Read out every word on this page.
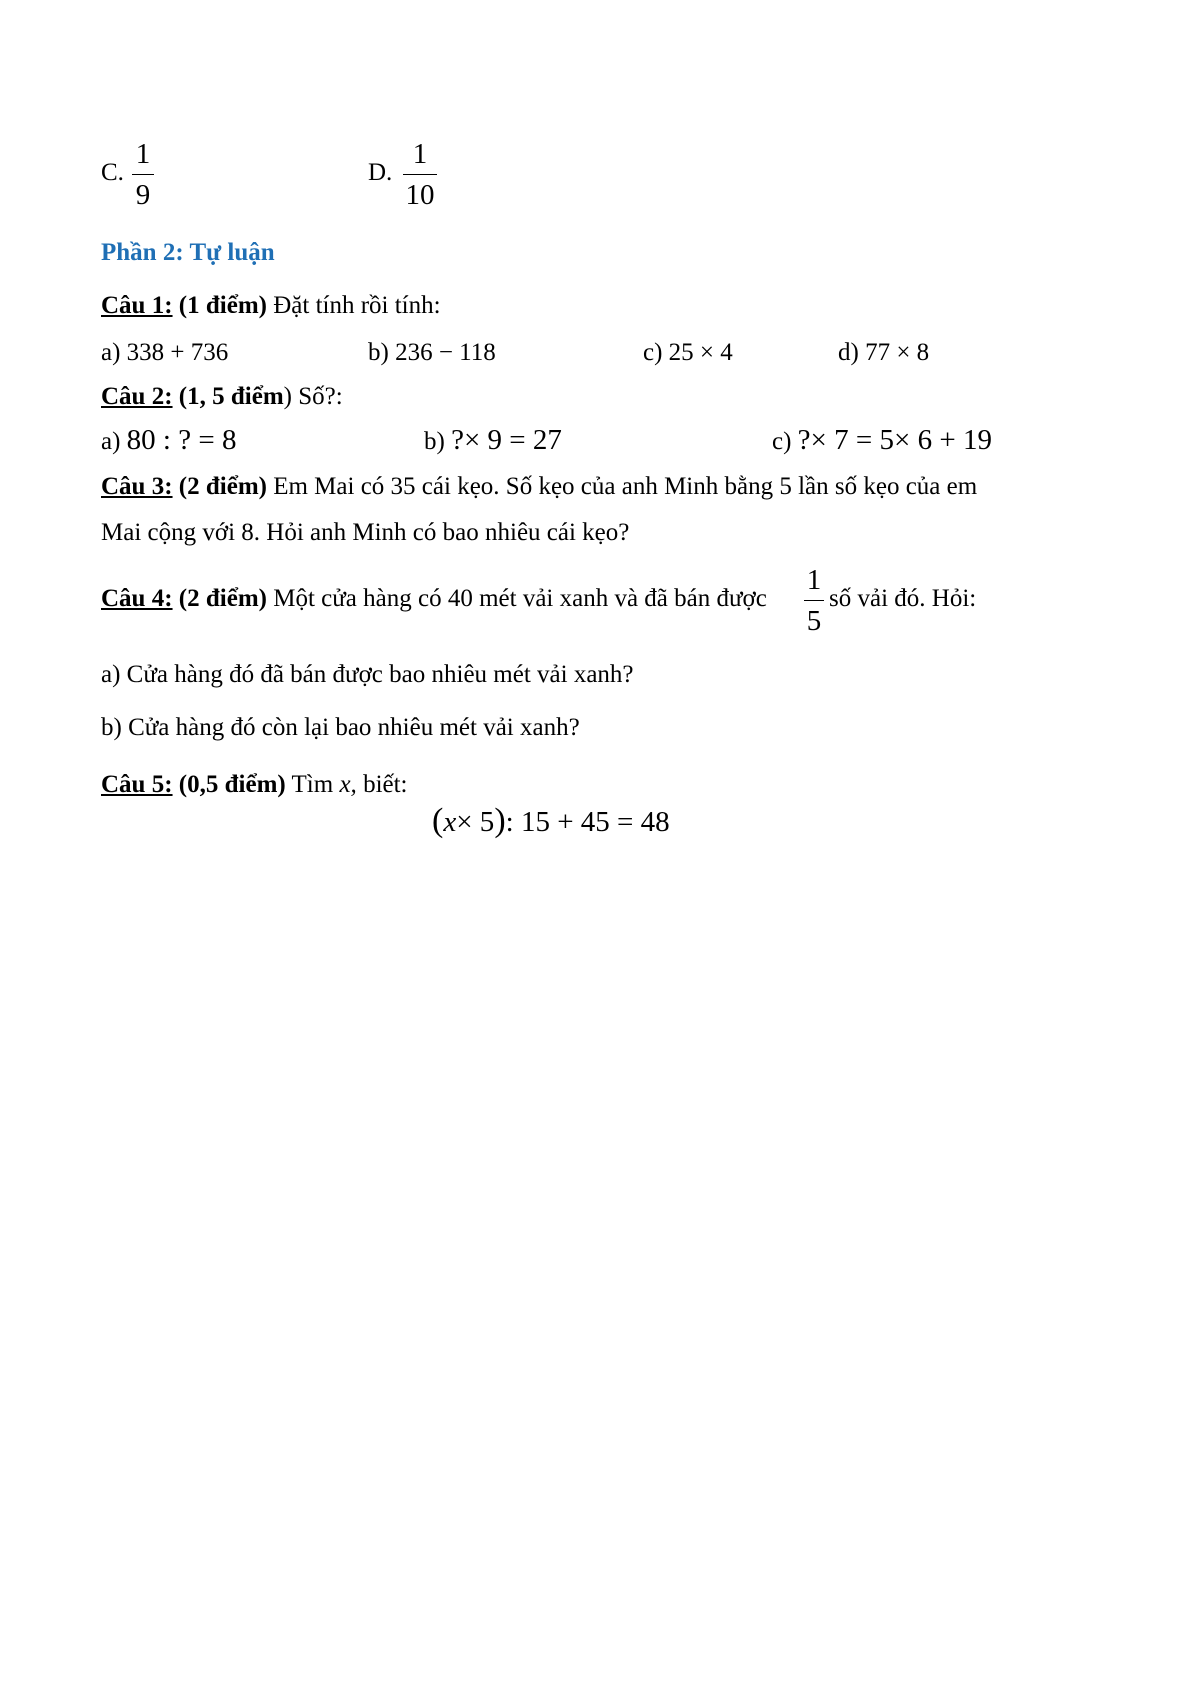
C.
1
9
D.
1
10
Phần 2: Tự luận
Câu 1: (1 điểm) Đặt tính rồi tính:
a) 338 + 736	b) 236 − 118	c) 25 × 4	d) 77 × 8
Câu 2: (1, 5 điểm) Số?:
a) 80 : ? = 8	b) ?× 9 = 27	c) ?× 7 = 5× 6 + 19
Câu 3: (2 điểm) Em Mai có 35 cái kẹo. Số kẹo của anh Minh bằng 5 lần số kẹo của em
Mai cộng với 8. Hỏi anh Minh có bao nhiêu cái kẹo?
Câu 4: (2 điểm) Một cửa hàng có 40 mét vải xanh và đã bán được
1
5
số vải đó. Hỏi:
a) Cửa hàng đó đã bán được bao nhiêu mét vải xanh?
b) Cửa hàng đó còn lại bao nhiêu mét vải xanh?
Câu 5: (0,5 điểm) Tìm x, biết:
(x× 5): 15 + 45 = 48
